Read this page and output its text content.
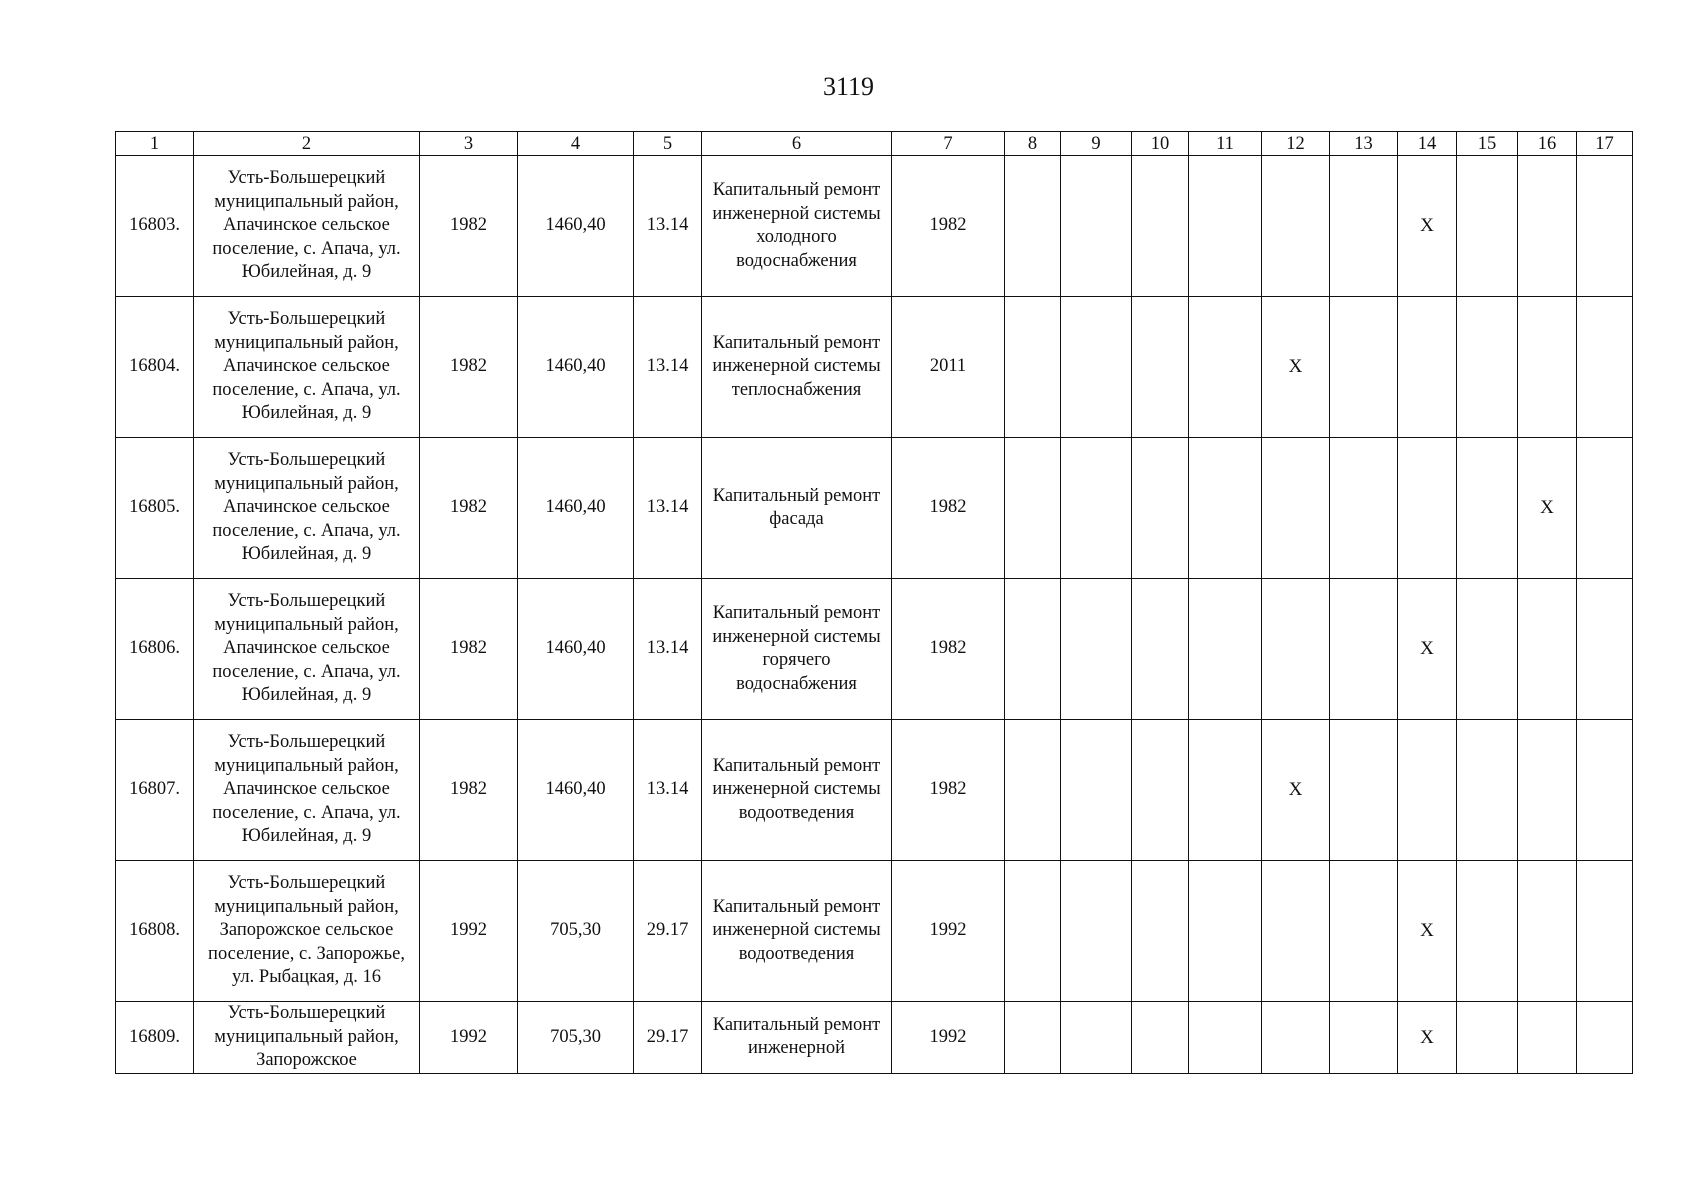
3119
1	2	3	4	5	6	7	8	9	10	11	12	13	14	15	16	17
16803.	Усть-Большерецкий муниципальный район, Апачинское сельское поселение, с. Апача, ул. Юбилейная, д. 9	1982	1460,40	13.14	Капитальный ремонт инженерной системы холодного водоснабжения	1982							X			
16804.	Усть-Большерецкий муниципальный район, Апачинское сельское поселение, с. Апача, ул. Юбилейная, д. 9	1982	1460,40	13.14	Капитальный ремонт инженерной системы теплоснабжения	2011					X					
16805.	Усть-Большерецкий муниципальный район, Апачинское сельское поселение, с. Апача, ул. Юбилейная, д. 9	1982	1460,40	13.14	Капитальный ремонт фасада	1982									X	
16806.	Усть-Большерецкий муниципальный район, Апачинское сельское поселение, с. Апача, ул. Юбилейная, д. 9	1982	1460,40	13.14	Капитальный ремонт инженерной системы горячего водоснабжения	1982							X			
16807.	Усть-Большерецкий муниципальный район, Апачинское сельское поселение, с. Апача, ул. Юбилейная, д. 9	1982	1460,40	13.14	Капитальный ремонт инженерной системы водоотведения	1982					X					
16808.	Усть-Большерецкий муниципальный район, Запорожское сельское поселение, с. Запорожье, ул. Рыбацкая, д. 16	1992	705,30	29.17	Капитальный ремонт инженерной системы водоотведения	1992							X			
16809.	Усть-Большерецкий муниципальный район, Запорожское	1992	705,30	29.17	Капитальный ремонт инженерной	1992							X			
